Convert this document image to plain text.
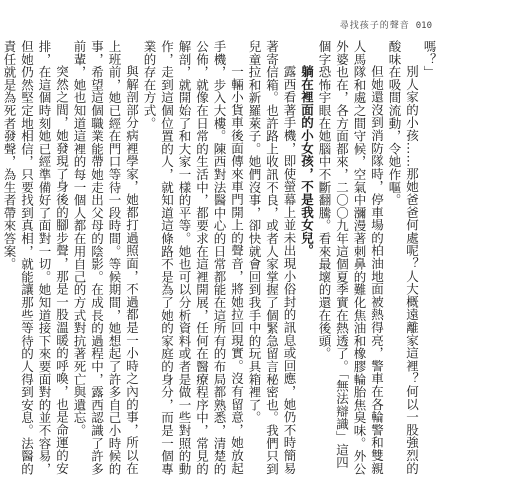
尋找孩子的聲音 010

嗎？」

別人家的小孩……那她爸爸何處呢？人大概遠離家這裡？何以一股強烈的酸味在吸間流動，令她作嘔。

但她還沒到消防隊時，停車場的柏油地面被熱得亮，警車在各輪警和雙親人馬隊和處之間守候，空氣中瀰漫著刺鼻的難化焦油和橡膠輪胎焦臭味。外公外婆也在，各方面都來，二〇〇九年這個夏季實在熱透了。「無法辯識」這四個字恐怖宇眼在她腦中不斷翻騰。看來最壞的還在後頭。

躺在裡面的小女孩，不是我女兒。

露西看著手機，即使螢幕上並未出現小俗封的訊息或回應，她仍不時簡易著寄信箱。也許路上收訊不良，或者人家掌握了個緊急留言秘密也。我們只到兒童拉和新羅萊子。她們沒事，卻快就會回到我手中的玩具箱裡了。

一輛小貨車後面傳來車門開上的聲音，將她拉回現實。沒有留意，她放起手機，步入大樓。陳西對法醫中心的日常都能在這所有的布局都熟悉，清楚的公佈，就像在日常的生活中，都要求在這裡開展，任何在醫療程序中，常見的解剖，就開始了和大家一樣的平等。她也可以分析資料或者是做一些對照的動作，走到這個位置的人，就知道這條路不是為了她的家庭的身分，而是一個專業的存在方式。

與解剖部分病裡學家，她都打過照面，不過都是一小時之內的事，所以在上班前，她已經在門口等待一段時間。等候期間，她想起了許多自己小時候的事，希望這個職業能帶她走出父母的陰影。在成長的過程中，露西認識了許多前輩，她也知道這裡的每一個人都在用自己的方式對抗著死亡與遺忘。

突然之間，她發現了身後的腳步聲，那是一股溫暖的呼喚，也是命運的安排，在這個時刻她已經準備好了面對一切。她知道接下來要面對的並不容易，但她仍然堅定地相信，只要找到真相，就能讓那些等待的人得到安息。法醫的責任就是為死者發聲，為生者帶來答案。
